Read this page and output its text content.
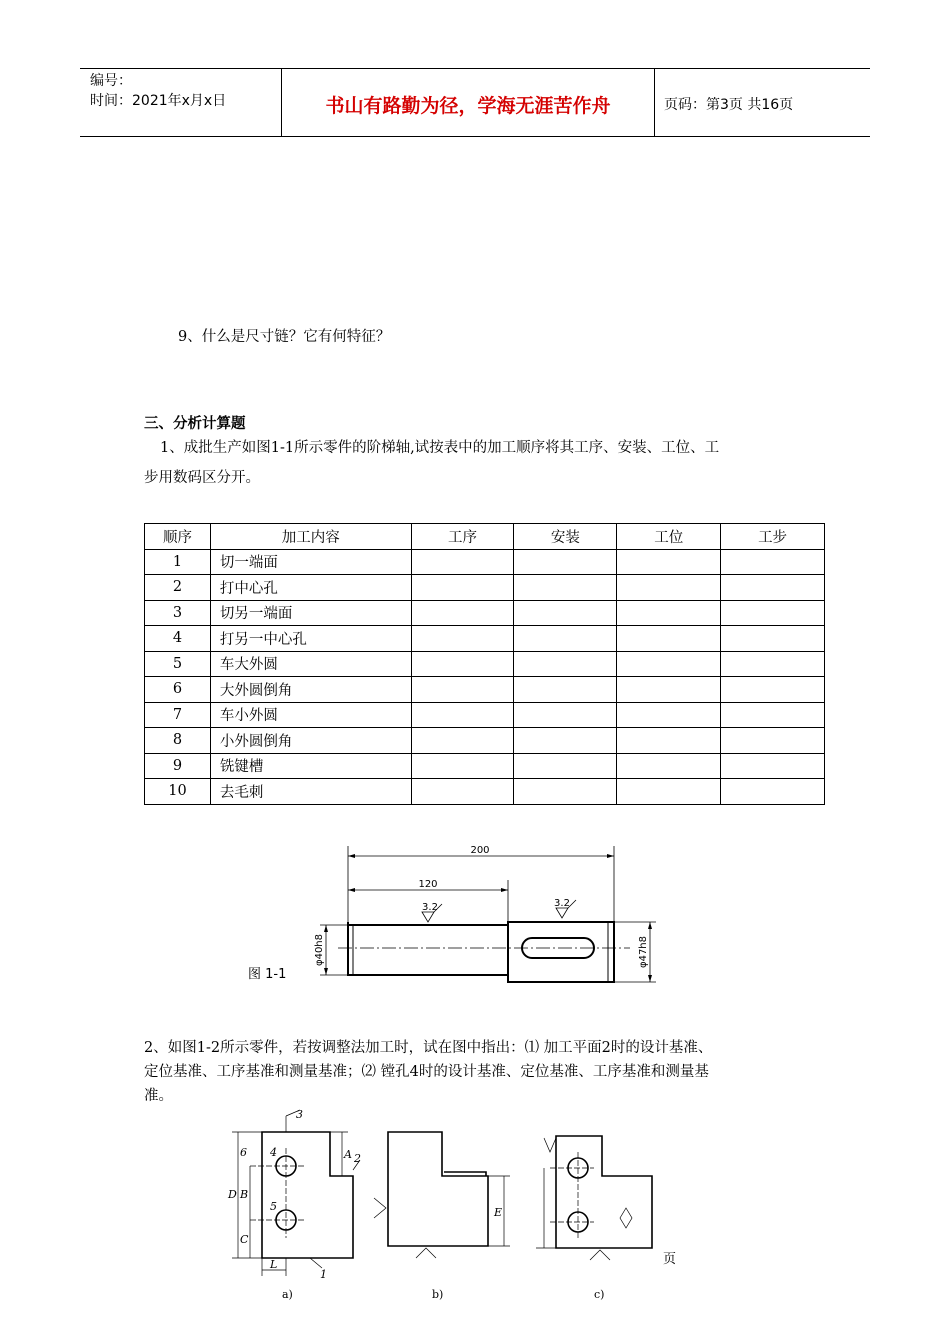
编号：
时间：2021年x月x日	书山有路勤为径，学海无涯苦作舟	页码：第3页 共16页
9、什么是尺寸链？它有何特征？
三、分析计算题
1、成批生产如图1-1所示零件的阶梯轴,试按表中的加工顺序将其工序、安装、工位、工
步用数码区分开。
顺序	加工内容	工序	安装	工位	工步
1	切一端面				
2	打中心孔				
3	切另一端面				
4	打另一中心孔				
5	车大外圆				
6	大外圆倒角				
7	车小外圆				
8	小外圆倒角				
9	铣键槽				
10	去毛刺				
200
120
3.2	3.2
φ40h8	φ47h8
图 1-1
2、如图1-2所示零件，若按调整法加工时，试在图中指出：⑴ 加工平面2时的设计基准、
定位基准、工序基准和测量基准；⑵ 镗孔4时的设计基准、定位基准、工序基准和测量基
准。
D B
C
A
L
1
2
3
4
5
6
a)
E
b)	c)
页
